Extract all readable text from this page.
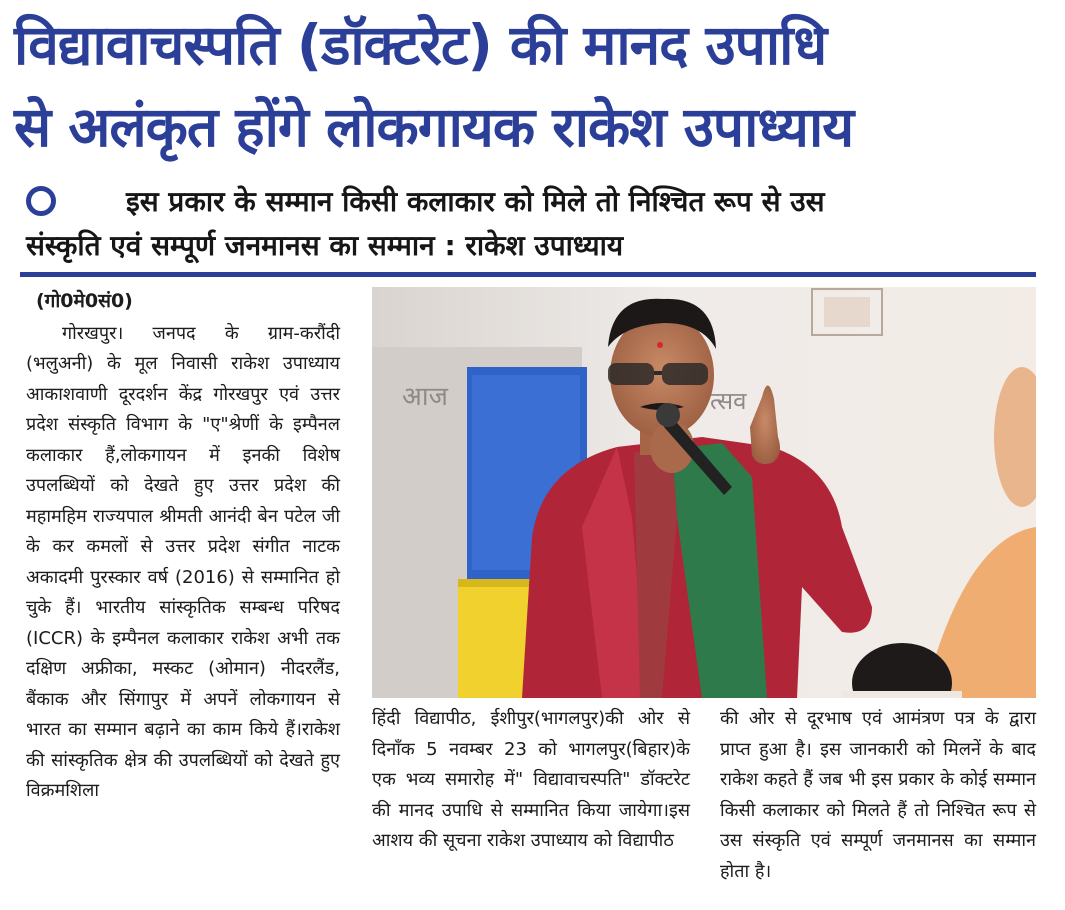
विद्यावाचस्पति (डॉक्टरेट) की मानद उपाधि
से अलंकृत होंगे लोकगायक राकेश उपाध्याय
इस प्रकार के सम्मान किसी कलाकार को मिले तो निश्चित रूप से उस
संस्कृति एवं सम्पूर्ण जनमानस का सम्मान : राकेश उपाध्याय
(गो0मे0सं0)
गोरखपुर। जनपद के ग्राम-करौंदी (भलुअनी) के मूल निवासी राकेश उपाध्याय आकाशवाणी दूरदर्शन केंद्र गोरखपुर एवं उत्तर प्रदेश संस्कृति विभाग के "ए"श्रेणीं के इम्पैनल कलाकार हैं,लोकगायन में इनकी विशेष उपलब्धियों को देखते हुए उत्तर प्रदेश की महामहिम राज्यपाल श्रीमती आनंदी बेन पटेल जी के कर कमलों से उत्तर प्रदेश संगीत नाटक अकादमी पुरस्कार वर्ष (2016) से सम्मानित हो चुके हैं। भारतीय सांस्कृतिक सम्बन्ध परिषद (ICCR) के इम्पैनल कलाकार राकेश अभी तक दक्षिण अफ्रीका, मस्कट (ओमान) नीदरलैंड, बैंकाक और सिंगापुर में अपनें लोकगायन से भारत का सम्मान बढ़ाने का काम किये हैं।राकेश की सांस्कृतिक क्षेत्र की उपलब्धियों को देखते हुए विक्रमशिला
आज	त्सव
हिंदी विद्यापीठ, ईशीपुर(भागलपुर)की ओर से दिनाँक 5 नवम्बर 23 को भागलपुर(बिहार)के एक भव्य समारोह में" विद्यावाचस्पति" डॉक्टरेट की मानद उपाधि से सम्मानित किया जायेगा।इस आशय की सूचना राकेश उपाध्याय को विद्यापीठ
की ओर से दूरभाष एवं आमंत्रण पत्र के द्वारा प्राप्त हुआ है। इस जानकारी को मिलनें के बाद राकेश कहते हैं जब भी इस प्रकार के कोई सम्मान किसी कलाकार को मिलते हैं तो निश्चित रूप से उस संस्कृति एवं सम्पूर्ण जनमानस का सम्मान होता है।
